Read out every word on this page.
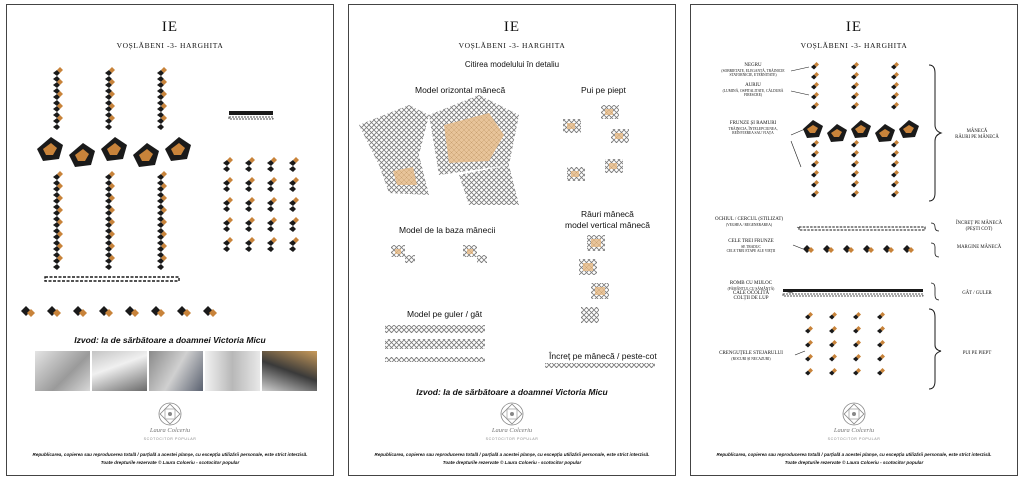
IE
VOȘLĂBENI -3- HARGHITA
Izvod: Ia de sărbătoare a doamnei Victoria Micu
Laura Colceriu
SCOTOCITOR POPULAR
Republicarea, copierea sau reproducerea totală / parțială a acestei planșe, cu excepția utilizării personale, este strict interzisă.
Toate drepturile rezervate © Laura Colceriu - scotocitor popular
IE
VOȘLĂBENI -3- HARGHITA
Citirea modelului în detaliu
Model orizontal mânecă	Pui pe piept
Model de la baza mânecii
Râuri mânecă
model vertical mânecă
Model pe guler / gât
Încreț pe mânecă / peste-cot
Izvod: Ia de sărbătoare a doamnei Victoria Micu
Laura Colceriu
SCOTOCITOR POPULAR
Republicarea, copierea sau reproducerea totală / parțială a acestei planșe, cu excepția utilizării personale, este strict interzisă.
Toate drepturile rezervate © Laura Colceriu - scotocitor popular
IE
VOȘLĂBENI -3- HARGHITA
NEGRU
(SOBRIETATE, ELEGANȚĂ, TRĂINICIE
STATORNICIE, ETERNITATE)
AURIU
(LUMINĂ, OSPITALITATE, CĂLDURĂ
FIRESCRE)
FRUNZE ȘI RAMURI
TRĂINICIA, ÎNTELEPCIUNEA,
REÎNVIEREA SAU VIAȚA
OCHIUL / CERCUL (STILIZAT)
(VEGHEA / REGENERAREA)
CELE TREI FRUNZE
SE TRADUC
CELE TREI ETAPE ALE VIEȚII
ROMB CU MIJLOC
(PĂMÂNTUL CU SĂMÂNȚĂ)
CALE OCOLITĂ
COLȚII DE LUP
CRENGUȚELE STEJARULUI
(ROCURI ȘI NECAZURI)
MÂNECĂ
RÂURI PE MÂNECĂ
ÎNCREȚ PE MÂNECĂ
(PEȘTI COT)
MARGINE MÂNECĂ
GÂT / GULER
PUI PE PIEPT
Laura Colceriu
SCOTOCITOR POPULAR
Republicarea, copierea sau reproducerea totală / parțială a acestei planșe, cu excepția utilizării personale, este strict interzisă.
Toate drepturile rezervate © Laura Colceriu - scotocitor popular
